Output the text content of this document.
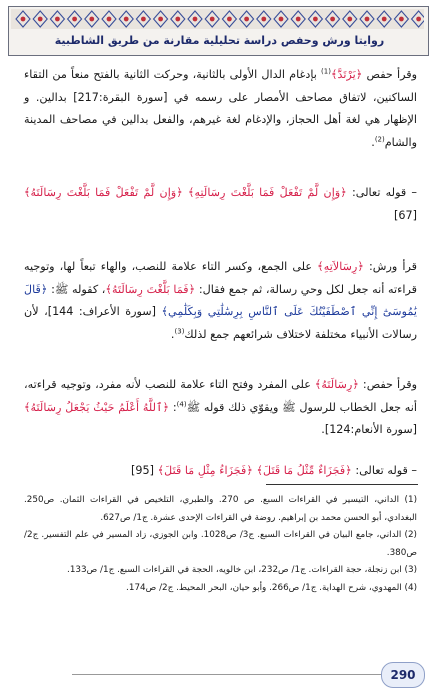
روايتا ورش وحفص دراسة تحليلية مقارنة من طريق الشاطبية

وقرأ حفص ﴿يَرْتَدَّ﴾$^{(1)}$ بإدغام الدال الأولى بالثانية، وحركت الثانية بالفتح منعاً من التقاء الساكنين، لاتفاق مصاحف الأمصار على رسمه في [سورة البقرة:217] بدالين. و الإظهار هي لغة أهل الحجاز، والإدغام لغة غيرهم، والفعل بدالين في مصاحف المدينة والشام$^{(2)}$.

– قوله تعالى: ﴿وَإِن لَّمْ تَفْعَلْ فَمَا بَلَّغْتَ رِسَالَتِهِ﴾ ﴿وَإِن لَّمْ تَفْعَلْ فَمَا بَلَّغْتَ رِسَالَتَهُ﴾ [67]

قرأ ورش: ﴿رِسَالاَتِهِ﴾ على الجمع، وكسر التاء علامة للنصب، والهاء تبعاً لها، وتوجيه قراءته أنه جعل لكل وحي رسالة، ثم جمع فقال: ﴿فَمَا بَلَّغْتَ رِسَالَتَهُ﴾، كقوله ﷺ: ﴿قَالَ يَٰمُوسَىٰٓ إِنِّي ٱصْطَفَيْتُكَ عَلَى ٱلنَّاسِ بِرِسَٰلَٰتِي وَبِكَلَٰمِي﴾ [سورة الأعراف: 144]، لأن رسالات الأنبياء مختلفة لاختلاف شرائعهم جمع لذلك$^{(3)}$.

وقرأ حفص: ﴿رِسَالَتَهُ﴾ على المفرد وفتح التاء علامة للنصب لأنه مفرد، وتوجيه قراءته، أنه جعل الخطاب للرسول ﷺ ويقوّي ذلك قوله ﷺ$^{(4)}$: ﴿ٱللَّهُ أَعْلَمُ حَيْثُ يَجْعَلُ رِسَالَتَهُ﴾[سورة الأنعام:124].

– قوله تعالى: ﴿فَجَزَاءٌ مِّثْلُ مَا قَتَلَ﴾ ﴿فَجَزَاءُ مِثْلِ مَا قَتَلَ﴾ [95]

(1) الداني، التيسير في القراءات السبع. ص 270. والطبري، التلخيص في القراءات الثمان. ص250. البغدادي، أبو الحسن محمد بن إبراهيم. روضة في القراءات الإحدى عشرة. ج1/ ص627.

(2) الداني، جامع البيان في القراءات السبع. ج3/ ص1028. وابن الجوزي، زاد المسير في علم التفسير. ج2/ ص380.

(3) ابن زنجلة، حجة القراءات. ج1/ ص232، ابن خالويه، الحجة في القراءات السبع. ج1/ ص133.

(4) المهدوي، شرح الهداية. ج1/ ص266. وأبو حيان، البحر المحيط. ج2/ ص174.

290
